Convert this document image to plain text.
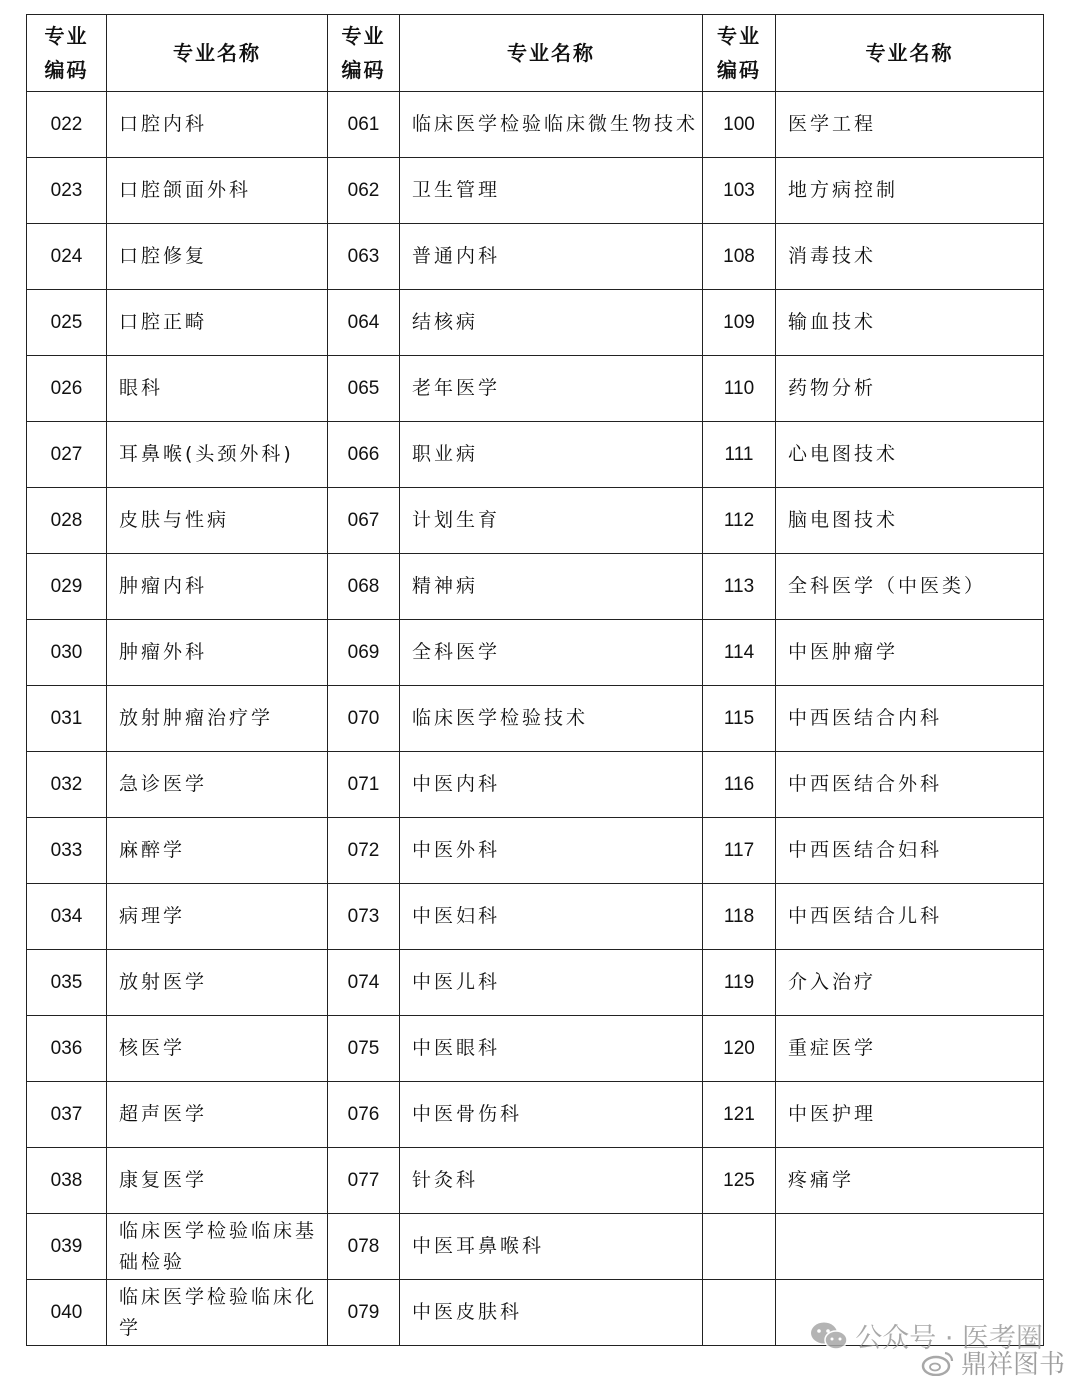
专业
编码	专业名称	专业
编码	专业名称	专业
编码	专业名称
022	口腔内科	061	临床医学检验临床微生物技术	100	医学工程
023	口腔颌面外科	062	卫生管理	103	地方病控制
024	口腔修复	063	普通内科	108	消毒技术
025	口腔正畸	064	结核病	109	输血技术
026	眼科	065	老年医学	110	药物分析
027	耳鼻喉(头颈外科)	066	职业病	111	心电图技术
028	皮肤与性病	067	计划生育	112	脑电图技术
029	肿瘤内科	068	精神病	113	全科医学（中医类）
030	肿瘤外科	069	全科医学	114	中医肿瘤学
031	放射肿瘤治疗学	070	临床医学检验技术	115	中西医结合内科
032	急诊医学	071	中医内科	116	中西医结合外科
033	麻醉学	072	中医外科	117	中西医结合妇科
034	病理学	073	中医妇科	118	中西医结合儿科
035	放射医学	074	中医儿科	119	介入治疗
036	核医学	075	中医眼科	120	重症医学
037	超声医学	076	中医骨伤科	121	中医护理
038	康复医学	077	针灸科	125	疼痛学
039	临床医学检验临床基础检验	078	中医耳鼻喉科		
040	临床医学检验临床化学	079	中医皮肤科		
公众号 · 医考圈
鼎祥图书
